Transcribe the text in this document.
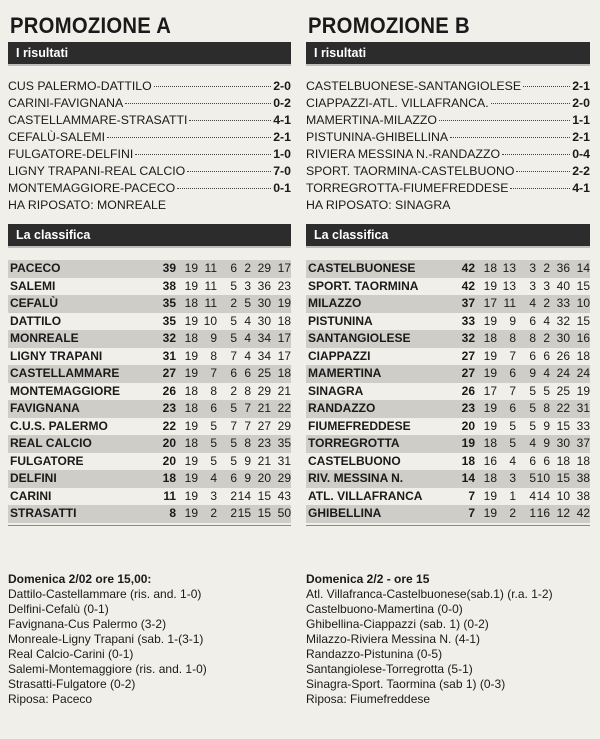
PROMOZIONE A
I risultati
CUS PALERMO-DATTILO	2-0
CARINI-FAVIGNANA	0-2
CASTELLAMMARE-STRASATTI	4-1
CEFALÙ-SALEMI	2-1
FULGATORE-DELFINI	1-0
LIGNY TRAPANI-REAL CALCIO	7-0
MONTEMAGGIORE-PACECO	0-1
HA RIPOSATO: MONREALE
La classifica
PACECO	39 19 11	6 2 29 17
SALEMI	38 19 11	5 3 36 23
CEFALÙ	35 18 11	2 5 30 19
DATTILO	35 19 10	5 4 30 18
MONREALE	32 18	9	5 4 34 17
LIGNY TRAPANI	31 19	8	7 4 34 17
CASTELLAMMARE	27 19	7	6 6 25 18
MONTEMAGGIORE	26 18	8	2 8 29 21
FAVIGNANA	23 18	6	5 7 21 22
C.U.S. PALERMO	22 19	5	7 7 27 29
REAL CALCIO	20 18	5	5 8 23 35
FULGATORE	20 19	5	5 9 21 31
DELFINI	18 19	4	6 9 20 29
CARINI	11 19	3	2 14 15 43
STRASATTI	8 19	2	2 15 15 50
Domenica 2/02 ore 15,00:
Dattilo-Castellammare (ris. and. 1-0)
Delfini-Cefalù (0-1)
Favignana-Cus Palermo (3-2)
Monreale-Ligny Trapani (sab. 1-(3-1)
Real Calcio-Carini (0-1)
Salemi-Montemaggiore (ris. and. 1-0)
Strasatti-Fulgatore (0-2)
Riposa: Paceco
PROMOZIONE B
I risultati
CASTELBUONESE-SANTANGIOLESE	2-1
CIAPPAZZI-ATL. VILLAFRANCA.	2-0
MAMERTINA-MILAZZO	1-1
PISTUNINA-GHIBELLINA	2-1
RIVIERA MESSINA N.-RANDAZZO	0-4
SPORT. TAORMINA-CASTELBUONO	2-2
TORREGROTTA-FIUMEFREDDESE	4-1
HA RIPOSATO: SINAGRA
La classifica
CASTELBUONESE	42 18 13	3 2 36 14
SPORT. TAORMINA	42 19 13	3 3 40 15
MILAZZO	37 17 11	4 2 33 10
PISTUNINA	33 19	9	6 4 32 15
SANTANGIOLESE	32 18	8	8 2 30 16
CIAPPAZZI	27 19	7	6 6 26 18
MAMERTINA	27 19	6	9 4 24 24
SINAGRA	26 17	7	5 5 25 19
RANDAZZO	23 19	6	5 8 22 31
FIUMEFREDDESE	20 19	5	5 9 15 33
TORREGROTTA	19 18	5	4 9 30 37
CASTELBUONO	18 16	4	6 6 18 18
RIV. MESSINA N.	14 18	3	5 10 15 38
ATL. VILLAFRANCA	7 19	1	4 14 10 38
GHIBELLINA	7 19	2	1 16 12 42
Domenica 2/2 - ore 15
Atl. Villafranca-Castelbuonese(sab.1) (r.a. 1-2)
Castelbuono-Mamertina (0-0)
Ghibellina-Ciappazzi (sab. 1) (0-2)
Milazzo-Riviera Messina N. (4-1)
Randazzo-Pistunina (0-5)
Santangiolese-Torregrotta (5-1)
Sinagra-Sport. Taormina (sab 1) (0-3)
Riposa: Fiumefreddese
